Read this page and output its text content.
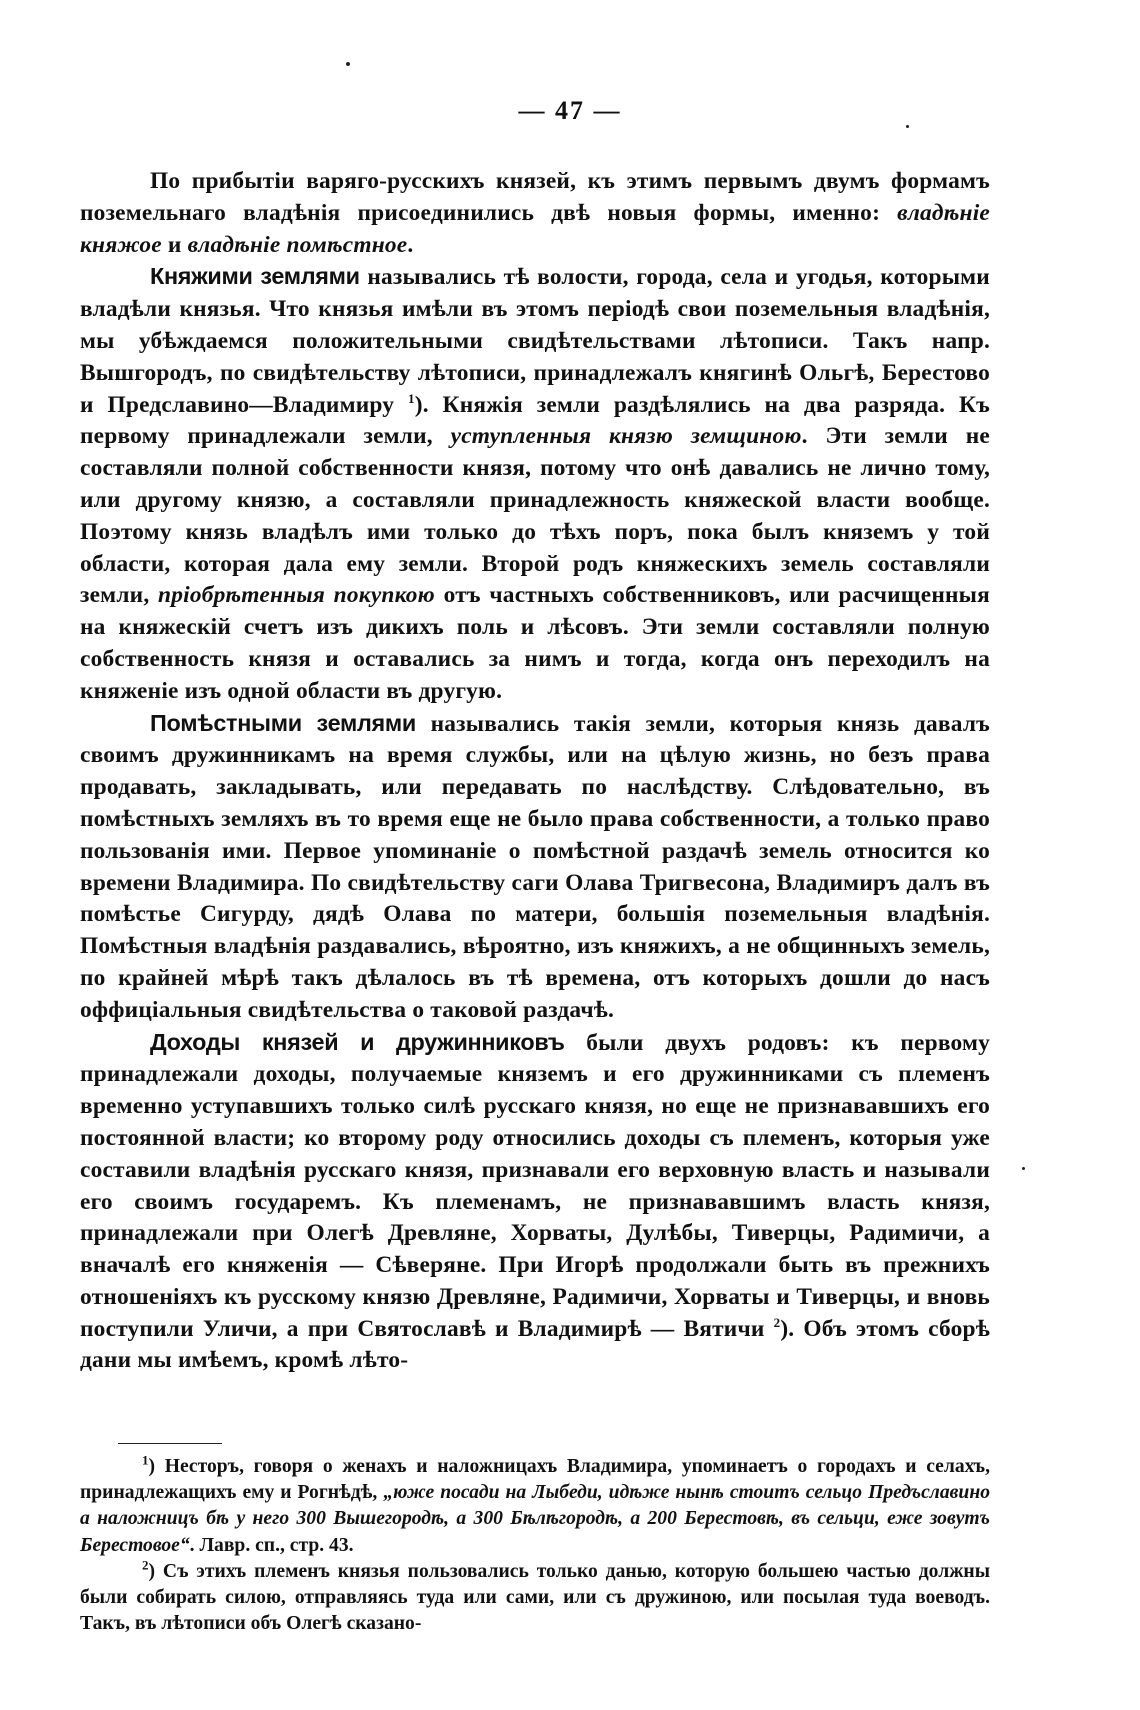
— 47 —

По прибытіи варяго-русскихъ князей, къ этимъ первымъ двумъ формамъ поземельнаго владѣнія присоединились двѣ новыя формы, именно: владѣніе княжое и владѣніе помѣстное.

Княжими землями назывались тѣ волости, города, села и угодья, которыми владѣли князья. Что князья имѣли въ этомъ періодѣ свои поземельныя владѣнія, мы убѣждаемся положительными свидѣтельствами лѣтописи. Такъ напр. Вышгородъ, по свидѣтельству лѣтописи, принадлежалъ княгинѣ Ольгѣ, Берестово и Предславино—Владимиру $^1$). Княжія земли раздѣлялись на два разряда. Къ первому принадлежали земли, уступленныя князю земщиною. Эти земли не составляли полной собственности князя, потому что онѣ давались не лично тому, или другому князю, а составляли принадлежность княжеской власти вообще. Поэтому князь владѣлъ ими только до тѣхъ поръ, пока былъ княземъ у той области, которая дала ему земли. Второй родъ княжескихъ земель составляли земли, пріобрѣтенныя покупкою отъ частныхъ собственниковъ, или расчищенныя на княжескій счетъ изъ дикихъ поль и лѣсовъ. Эти земли составляли полную собственность князя и оставались за нимъ и тогда, когда онъ переходилъ на княженіе изъ одной области въ другую.

Помѣстными землями назывались такія земли, которыя князь давалъ своимъ дружинникамъ на время службы, или на цѣлую жизнь, но безъ права продавать, закладывать, или передавать по наслѣдству. Слѣдовательно, въ помѣстныхъ земляхъ въ то время еще не было права собственности, а только право пользованія ими. Первое упоминаніе о помѣстной раздачѣ земель относится ко времени Владимира. По свидѣтельству саги Олава Тригвесона, Владимиръ далъ въ помѣстье Сигурду, дядѣ Олава по матери, большія поземельныя владѣнія. Помѣстныя владѣнія раздавались, вѣроятно, изъ княжихъ, а не общинныхъ земель, по крайней мѣрѣ такъ дѣлалось въ тѣ времена, отъ которыхъ дошли до насъ оффиціальныя свидѣтельства о таковой раздачѣ.

Доходы князей и дружинниковъ были двухъ родовъ: къ первому принадлежали доходы, получаемые княземъ и его дружинниками съ племенъ временно уступавшихъ только силѣ русскаго князя, но еще не признававшихъ его постоянной власти; ко второму роду относились доходы съ племенъ, которыя уже составили владѣнія русскаго князя, признавали его верховную власть и называли его своимъ государемъ. Къ племенамъ, не признававшимъ власть князя, принадлежали при Олегѣ Древляне, Хорваты, Дулѣбы, Тиверцы, Радимичи, а вначалѣ его княженія — Сѣверяне. При Игорѣ продолжали быть въ прежнихъ отношеніяхъ къ русскому князю Древляне, Радимичи, Хорваты и Тиверцы, и вновь поступили Уличи, а при Святославѣ и Владимирѣ — Вятичи $^2$). Объ этомъ сборѣ дани мы имѣемъ, кромѣ лѣто-

$^1$) Несторъ, говоря о женахъ и наложницахъ Владимира, упоминаетъ о городахъ и селахъ, принадлежащихъ ему и Рогнѣдѣ, „юже посади на Лыбеди, идѣже нынѣ стоитъ сельцо Предъславино а наложницъ бѣ у него 300 Вышегородѣ, а 300 Бѣлѣгородѣ, а 200 Берестовѣ, въ сельци, еже зовутъ Берестовое“. Лавр. сп., стр. 43.

$^2$) Съ этихъ племенъ князья пользовались только данью, которую большею частью должны были собирать силою, отправляясь туда или сами, или съ дружиною, или посылая туда воеводъ. Такъ, въ лѣтописи объ Олегѣ сказано-
